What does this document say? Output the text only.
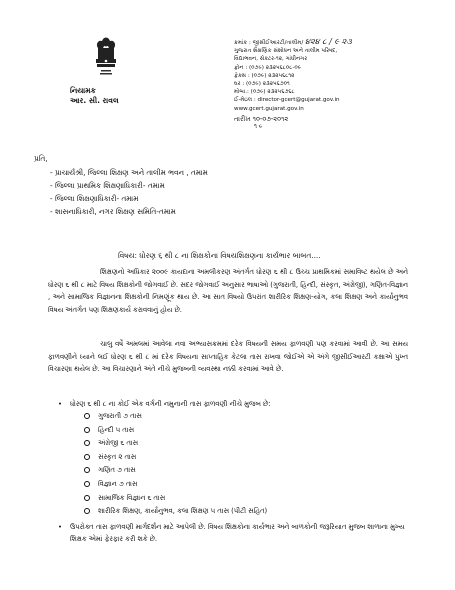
નિયામક
આર. સી. રાવલ
ક્રમાંક : જીસીઈઆરટી/તાલીમ/ ૪૨૪ ૮ / ૯ ૨૩
ગુજરાત શૈક્ષણિક સંશોધન અને તાલીમ પરિષદ,
વિદ્યાભવન, સેક્ટર-૧૨, ગાંધીનગર
ફોન : (૦૭૯) ૨૩૨૫૬૮૦૮-૦૯
ફેક્સ : (૦૭૯) ૨૩૨૫૬૮૧૨
ઘર : (૦૭૯) ૨૩૨૫૬૭૦૧
મોબા.: (૦૭૯) ૨૩૨૫૬૭૬૮
ઈ-મેઇલ : director-gcert@gujarat.gov.in
www.gcert.gujarat.gov.in
તારીખ ૧૦-૦૭-૨૦૧૨
૧ ૯
પ્રતિ,
- પ્રાચાર્યશ્રી, જિલ્લા શિક્ષણ અને તાલીમ ભવન , તમામ
- જિલ્લા પ્રાથમિક શિક્ષણાધિકારી- તમામ
- જિલ્લા શિક્ષણાધિકારી- તમામ
- શાસનાધિકારી, નગર શિક્ષણ સમિતિ-તમામ
વિષય: ધોરણ ૬ થી ૮ ના શિક્ષકોના વિષયશિક્ષણના કાર્યભાર બાબત....
શિક્ષણનો અધિકાર ૨૦૦૯ કાયદાના અમલીકરણ અંતર્ગત ધોરણ ૬ થી ૮ ઉચ્ચ પ્રાથમિકમાં સમાવિષ્ટ થયેલ છે અને ધોરણ ૬ થી ૮ માટે વિષય શિક્ષકોની જોગવાઈ છે. સદર જોગવાઈ અનુસાર ભાષાઓ (ગુજરાતી, હિન્દી, સંસ્કૃત, અંગ્રેજી), ગણિત-વિજ્ઞાન , અને સામાજિક વિજ્ઞાનના શિક્ષકોની નિમણૂંક થાય છે. આ સાત વિષયો ઉપરાંત શારીરિક શિક્ષણ-યોગ, કલા શિક્ષણ અને કાર્યાનુભવ વિષય અંતર્ગત પણ શિક્ષણકાર્ય કરાવવાનું હોય છે.
ચાલુ વર્ષે અમલમાં આવેલા નવા અભ્યાસક્રમમાં દરેક વિષયની સમય ફાળવણી પણ કરવામાં આવી છે. આ સમય ફાળવણીને ધ્યાને લઈ ધોરણ ૬ થી ૮ માં દરેક વિષયના સાપ્તાહિક કેટલા તાસ રાખવા જોઈએ એ અંગે જીસીઈઆરટી કક્ષાએ પુખ્ત વિચારણા થયેલ છે. આ વિચારણાને અંતે નીચે મુજબની વ્યવસ્થા નક્કી કરવામાં આવે છે.
• ધોરણ ૬ થી ૮ ના કોઈ એક વર્ગની નમુનાની તાસ ફાળવણી નીચે મુજબ છે:
ગુજરાતી ૭ તાસ
હિન્દી ૫ તાસ
અંગ્રેજી ૬ તાસ
સંસ્કૃત ૨ તાસ
ગણિત ૭ તાસ
વિજ્ઞાન ૭ તાસ
સામાજિક વિજ્ઞાન ૬ તાસ
શારીરિક શિક્ષણ, કાર્યાનુભવ, કલા શિક્ષણ ૫ તાસ (પીટી સહિત)
• ઉપરોક્ત તાસ ફાળવણી માર્ગદર્શન માટે આપેલી છે. વિષય શિક્ષકોના કાર્યભાર અને બાળકોની જરૂરિયાત મુજબ શાળાના મુખ્ય શિક્ષક એમાં ફેરફાર કરી શકે છે.
